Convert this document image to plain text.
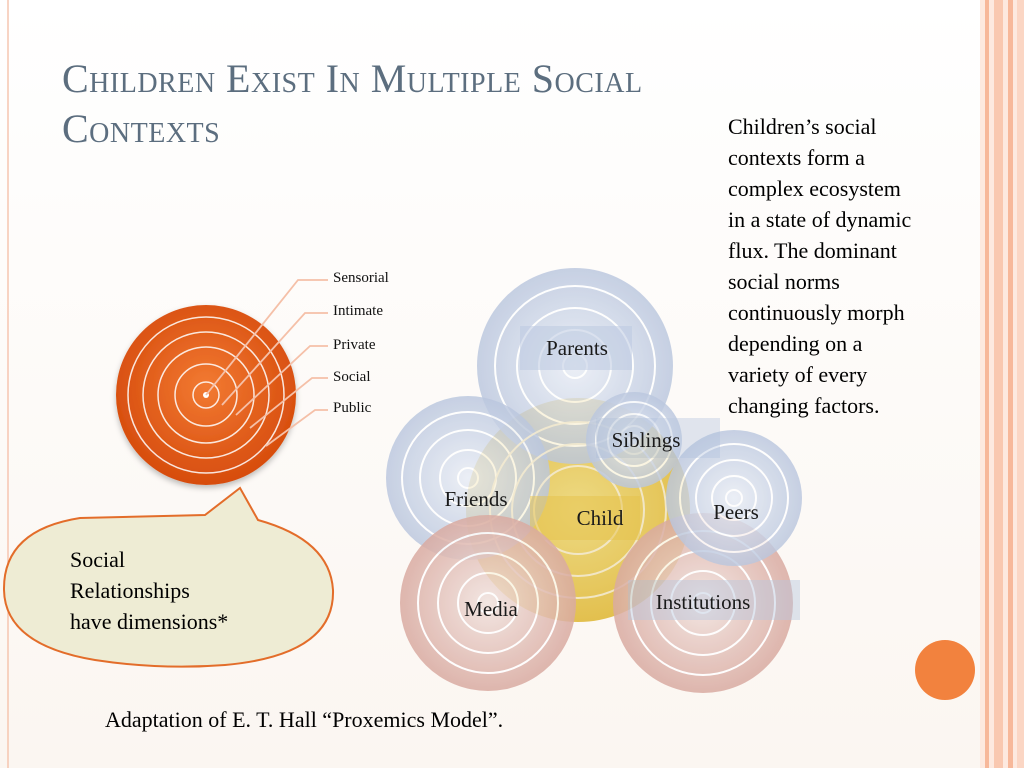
Children Exist In Multiple Social
Contexts	Children’s social
contexts form a
complex ecosystem
in a state of dynamic
flux. The dominant
social norms
continuously morph
depending on a
variety of every
changing factors.
Sensorial
Intimate
Private
Social
Public
Social
Relationships
have dimensions*
Parents
Siblings
Friends
Child	Peers
Media	Institutions
Adaptation of E. T. Hall “Proxemics Model”.
